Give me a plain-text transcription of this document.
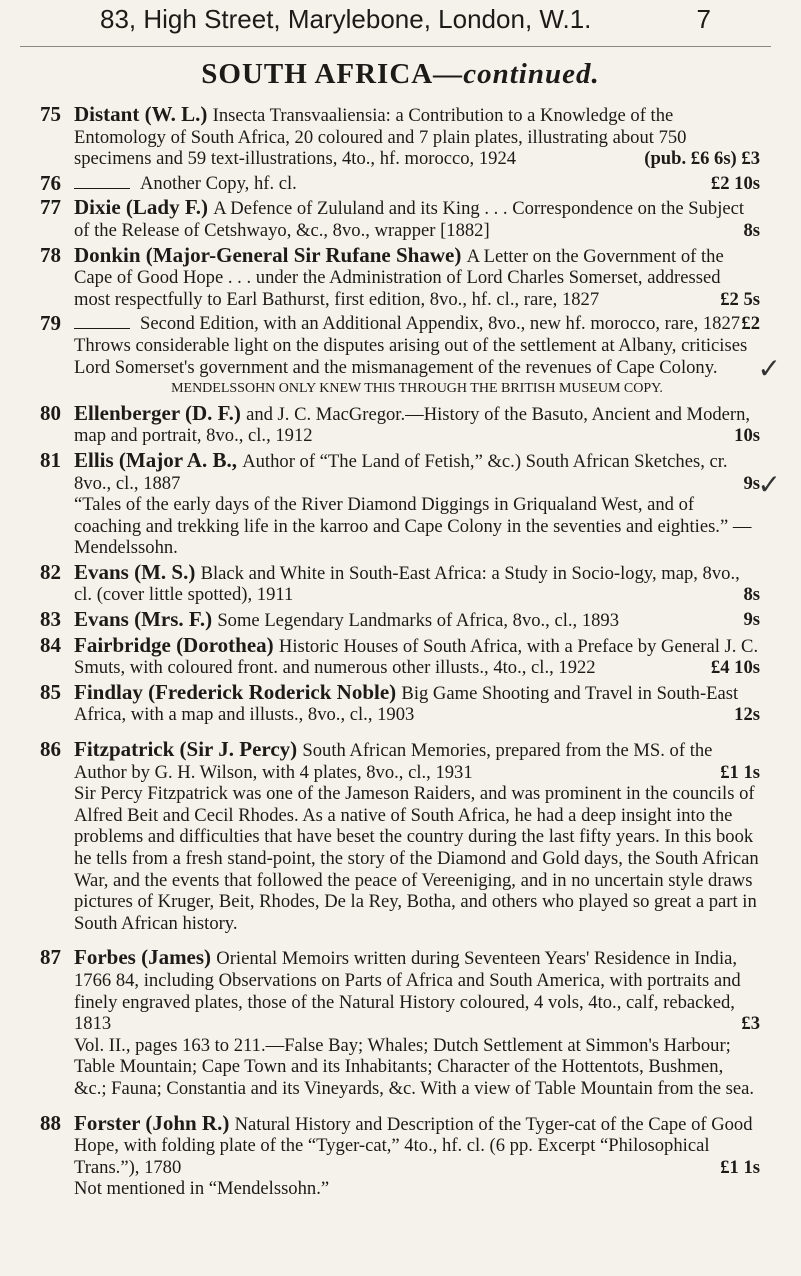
83, High Street, Marylebone, London, W.1.	7
SOUTH AFRICA—continued.
75 Distant (W. L.) Insecta Transvaaliensia: a Contribution to a Knowledge of the Entomology of South Africa, 20 coloured and 7 plain plates, illustrating about 750 specimens and 59 text-illustrations, 4to., hf. morocco, 1924	(pub. £6 6s) £3
76	Another Copy, hf. cl.	£2 10s
77 Dixie (Lady F.) A Defence of Zululand and its King . . . Correspondence on the Subject of the Release of Cetshwayo, &c., 8vo., wrapper [1882]	8s
78 Donkin (Major-General Sir Rufane Shawe) A Letter on the Government of the Cape of Good Hope . . . under the Administration of Lord Charles Somerset, addressed most respectfully to Earl Bathurst, first edition, 8vo., hf. cl., rare, 1827	£2 5s
79	Second Edition, with an Additional Appendix, 8vo., new hf. morocco, rare, 1827 £2
Throws considerable light on the disputes arising out of the settlement at Albany, criticises Lord Somerset's government and the mismanagement of the revenues of Cape Colony.
MENDELSSOHN ONLY KNEW THIS THROUGH THE BRITISH MUSEUM COPY.
80 Ellenberger (D. F.) and J. C. MacGregor.—History of the Basuto, Ancient and Modern, map and portrait, 8vo., cl., 1912	10s
81 Ellis (Major A. B., Author of “The Land of Fetish,” &c.) South African Sketches, cr. 8vo., cl., 1887	9s
“Tales of the early days of the River Diamond Diggings in Griqualand West, and of coaching and trekking life in the karroo and Cape Colony in the seventies and eighties.” —Mendelssohn.
82 Evans (M. S.) Black and White in South-East Africa: a Study in Socio-logy, map, 8vo., cl. (cover little spotted), 1911	8s
83 Evans (Mrs. F.) Some Legendary Landmarks of Africa, 8vo., cl., 1893	9s
84 Fairbridge (Dorothea) Historic Houses of South Africa, with a Preface by General J. C. Smuts, with coloured front. and numerous other illusts., 4to., cl., 1922	£4 10s
85 Findlay (Frederick Roderick Noble) Big Game Shooting and Travel in South-East Africa, with a map and illusts., 8vo., cl., 1903	12s
86 Fitzpatrick (Sir J. Percy) South African Memories, prepared from the MS. of the Author by G. H. Wilson, with 4 plates, 8vo., cl., 1931	£1 1s
Sir Percy Fitzpatrick was one of the Jameson Raiders, and was prominent in the councils of Alfred Beit and Cecil Rhodes. As a native of South Africa, he had a deep insight into the problems and difficulties that have beset the country during the last fifty years. In this book he tells from a fresh stand-point, the story of the Diamond and Gold days, the South African War, and the events that followed the peace of Vereeniging, and in no uncertain style draws pictures of Kruger, Beit, Rhodes, De la Rey, Botha, and others who played so great a part in South African history.
87 Forbes (James) Oriental Memoirs written during Seventeen Years' Residence in India, 1766 84, including Observations on Parts of Africa and South America, with portraits and finely engraved plates, those of the Natural History coloured, 4 vols, 4to., calf, rebacked, 1813	£3
Vol. II., pages 163 to 211.—False Bay; Whales; Dutch Settlement at Simmon's Harbour; Table Mountain; Cape Town and its Inhabitants; Character of the Hottentots, Bushmen, &c.; Fauna; Constantia and its Vineyards, &c. With a view of Table Mountain from the sea.
88 Forster (John R.) Natural History and Description of the Tyger-cat of the Cape of Good Hope, with folding plate of the “Tyger-cat,” 4to., hf. cl. (6 pp. Excerpt “Philosophical Trans.”), 1780	£1 1s
Not mentioned in “Mendelssohn.”
✓
✓
